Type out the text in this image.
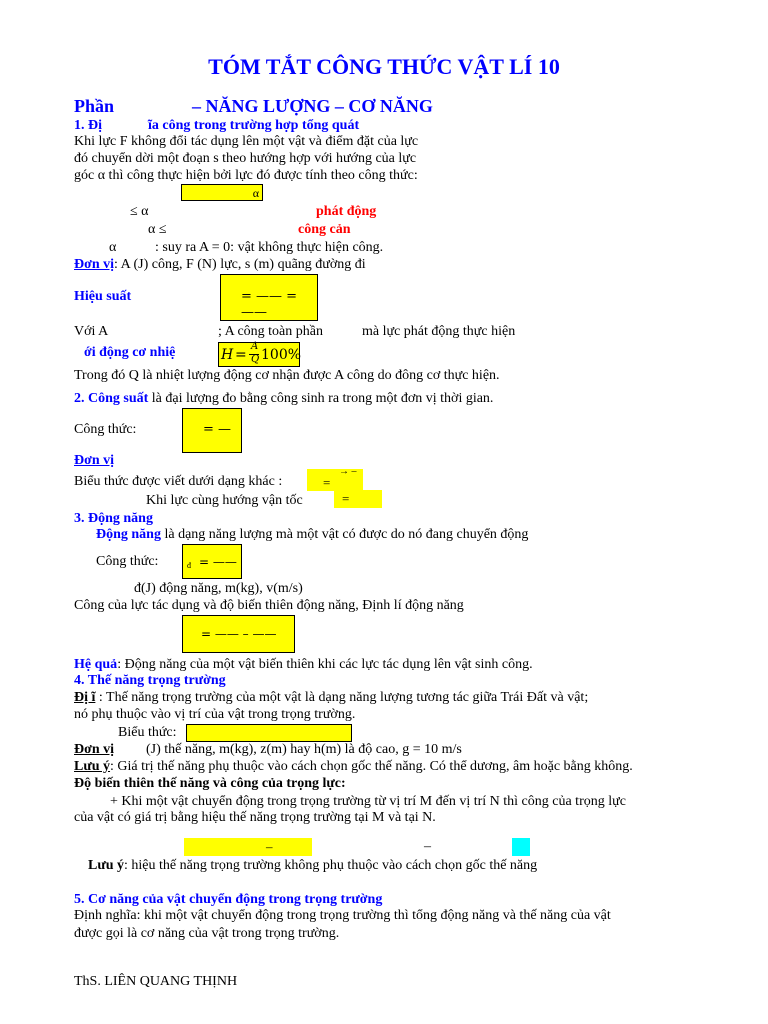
TÓM TẮT CÔNG THỨC VẬT LÍ 10
Phần	– NĂNG LƯỢNG – CƠ NĂNG
1. Đị	ĩa công trong trường hợp tổng quát
Khi lực F không đổi tác dụng lên một vật và điểm đặt của lực
đó chuyển dời một đoạn s theo hướng hợp với hướng của lực
góc α thì công thực hiện bởi lực đó được tính theo công thức:
α
≤ α	phát động
α ≤	công cản
α	: suy ra A = 0: vật không thực hiện công.
Đơn vị: A (J) công, F (N) lực, s (m) quãng đường đi
Hiệu suất	= —— = ——
Với A	; A công toàn phần	mà lực phát động thực hiện
ới động cơ nhiệ	H =
A
Q 100%
Trong đó Q là nhiệt lượng động cơ nhận được A công do đông cơ thực hiện.
2. Công suất là đại lượng đo bằng công sinh ra trong một đơn vị thời gian.
Công thức:	= —
Đơn vị
Biểu thức được viết dưới dạng khác :	=
→ –
Khi lực cùng hướng vận tốc	=
3. Động năng
Động năng là dạng năng lượng mà một vật có được do nó đang chuyển động
Công thức:	đ = ——
đ(J) động năng, m(kg), v(m/s)
Công của lực tác dụng và độ biến thiên động năng, Định lí động năng
= —— – ——
Hệ quả: Động năng của một vật biến thiên khi các lực tác dụng lên vật sinh công.
4. Thế năng trọng trường
Đị ĩ : Thế năng trọng trường của một vật là dạng năng lượng tương tác giữa Trái Đất và vật;
nó phụ thuộc vào vị trí của vật trong trọng trường.
Biểu thức:
Đơn vị (J) thế năng, m(kg), z(m) hay h(m) là độ cao, g = 10 m/s
Lưu ý: Giá trị thế năng phụ thuộc vào cách chọn gốc thế năng. Có thể dương, âm hoặc bằng không.
Độ biến thiên thế năng và công của trọng lực:
+ Khi một vật chuyển động trong trọng trường từ vị trí M đến vị trí N thì công của trọng lực
của vật có giá trị bằng hiệu thế năng trọng trường tại M và tại N.
–	–
Lưu ý: hiệu thế năng trọng trường không phụ thuộc vào cách chọn gốc thế năng
5. Cơ năng của vật chuyển động trong trọng trường
Định nghĩa: khi một vật chuyển động trong trọng trường thì tổng động năng và thế năng của vật
được gọi là cơ năng của vật trong trọng trường.
ThS. LIÊN QUANG THỊNH
